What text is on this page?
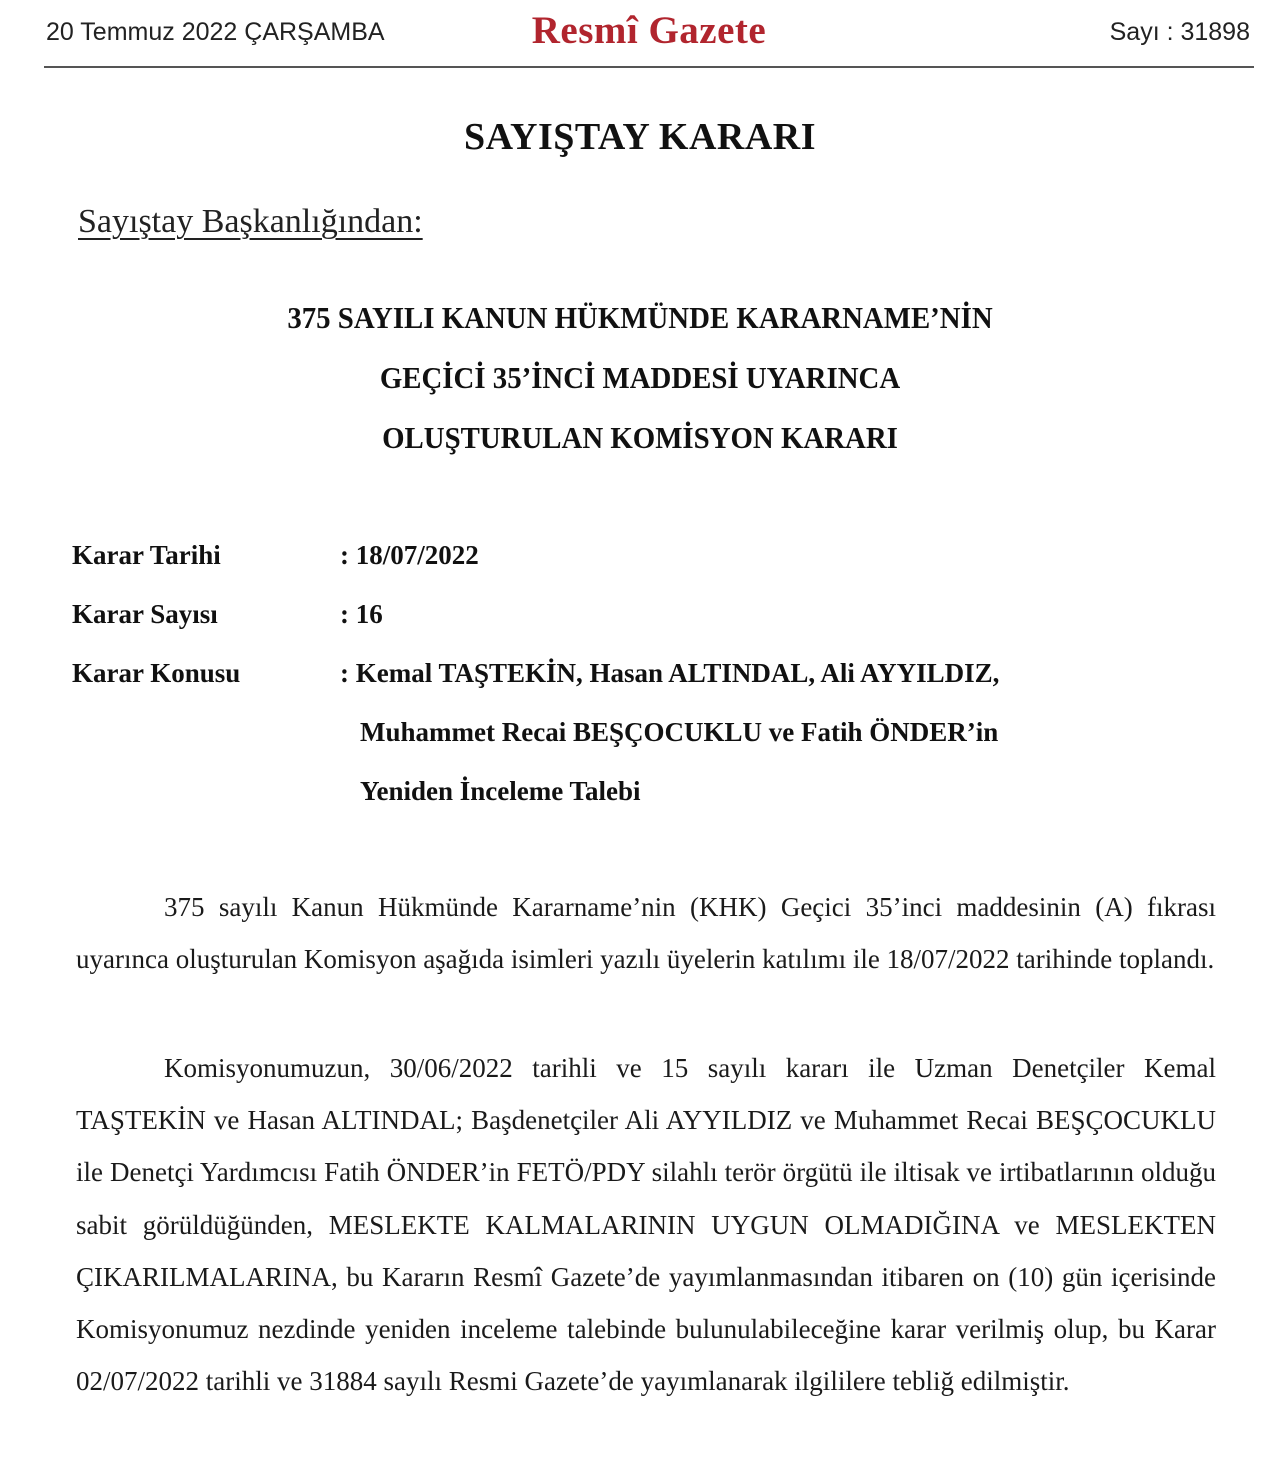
20 Temmuz 2022 ÇARŞAMBA	Resmî Gazete	Sayı : 31898
SAYIŞTAY KARARI
Sayıştay Başkanlığından:
375 SAYILI KANUN HÜKMÜNDE KARARNAME’NİN
GEÇİCİ 35’İNCİ MADDESİ UYARINCA
OLUŞTURULAN KOMİSYON KARARI
Karar Tarihi	: 18/07/2022
Karar Sayısı	: 16
Karar Konusu	: Kemal TAŞTEKİN, Hasan ALTINDAL, Ali AYYILDIZ,
Muhammet Recai BEŞÇOCUKLU ve Fatih ÖNDER’in
Yeniden İnceleme Talebi

375 sayılı Kanun Hükmünde Kararname’nin (KHK) Geçici 35’inci maddesinin (A) fıkrası uyarınca oluşturulan Komisyon aşağıda isimleri yazılı üyelerin katılımı ile 18/07/2022 tarihinde toplandı.

Komisyonumuzun, 30/06/2022 tarihli ve 15 sayılı kararı ile Uzman Denetçiler Kemal TAŞTEKİN ve Hasan ALTINDAL; Başdenetçiler Ali AYYILDIZ ve Muhammet Recai BEŞÇOCUKLU ile Denetçi Yardımcısı Fatih ÖNDER’in FETÖ/PDY silahlı terör örgütü ile iltisak ve irtibatlarının olduğu sabit görüldüğünden, MESLEKTE KALMALARININ UYGUN OLMADIĞINA ve MESLEKTEN ÇIKARILMALARINA, bu Kararın Resmî Gazete’de yayımlanmasından itibaren on (10) gün içerisinde Komisyonumuz nezdinde yeniden inceleme talebinde bulunulabileceğine karar verilmiş olup, bu Karar 02/07/2022 tarihli ve 31884 sayılı Resmi Gazete’de yayımlanarak ilgililere tebliğ edilmiştir.
